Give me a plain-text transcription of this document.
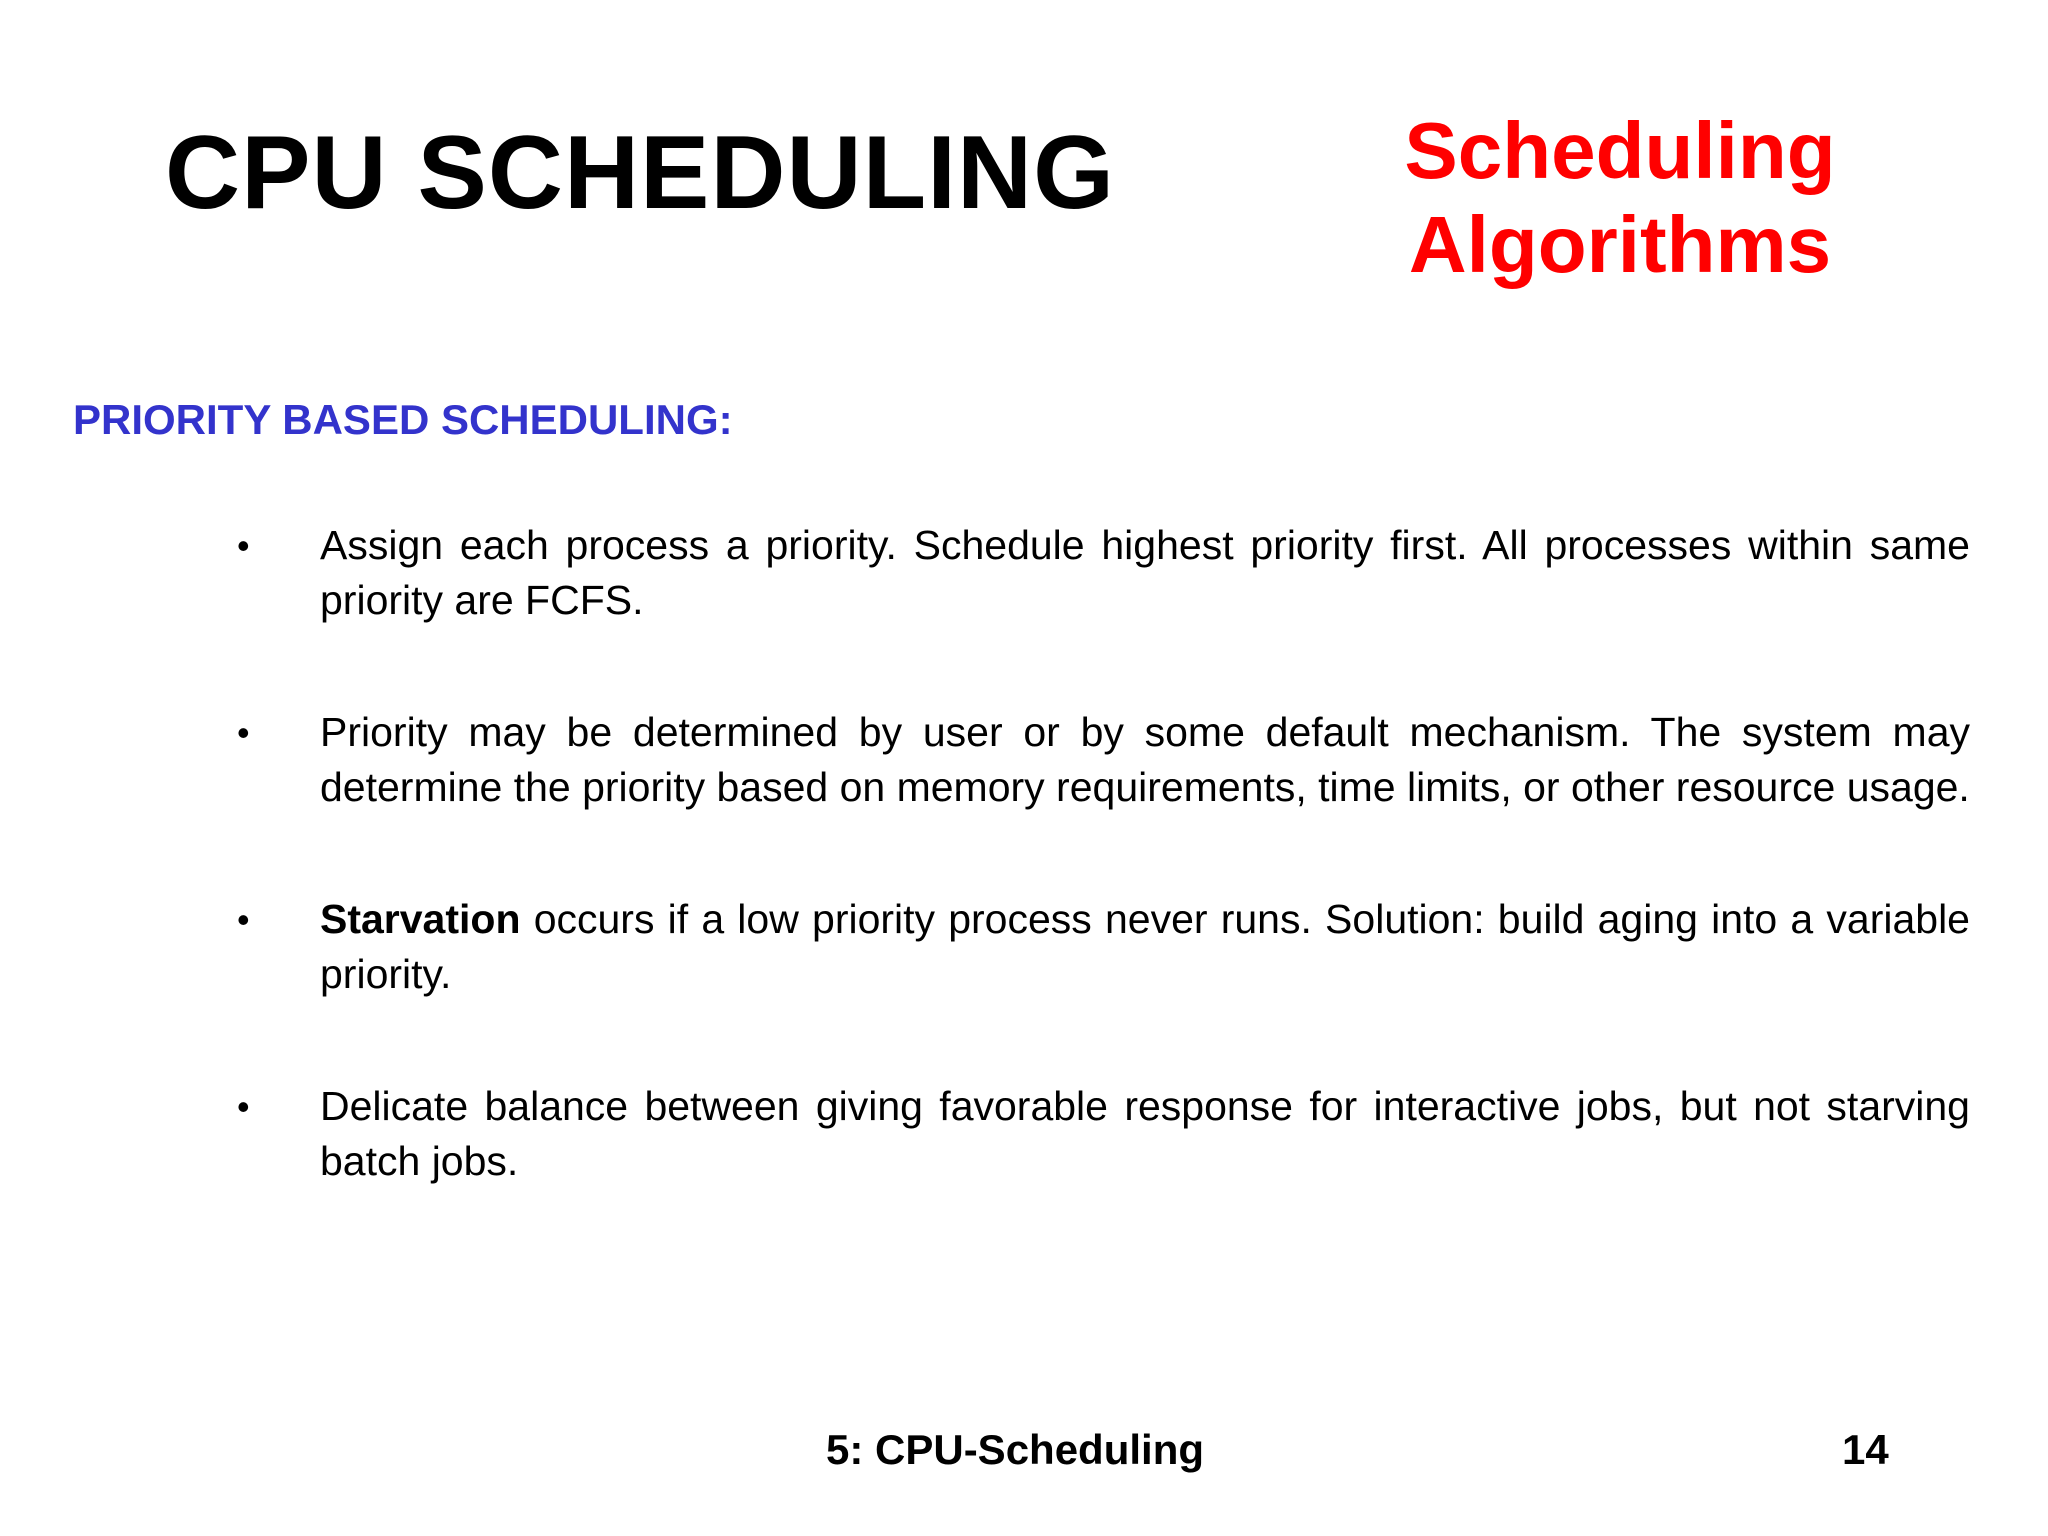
CPU SCHEDULING	Scheduling
Algorithms
PRIORITY BASED SCHEDULING:
•	Assign each process a priority. Schedule highest priority first. All processes within same priority are FCFS.
•	Priority may be determined by user or by some default mechanism. The system may determine the priority based on memory requirements, time limits, or other resource usage.
•	Starvation occurs if a low priority process never runs. Solution: build aging into a variable priority.
•	Delicate balance between giving favorable response for interactive jobs, but not starving batch jobs.
5: CPU-Scheduling	14
